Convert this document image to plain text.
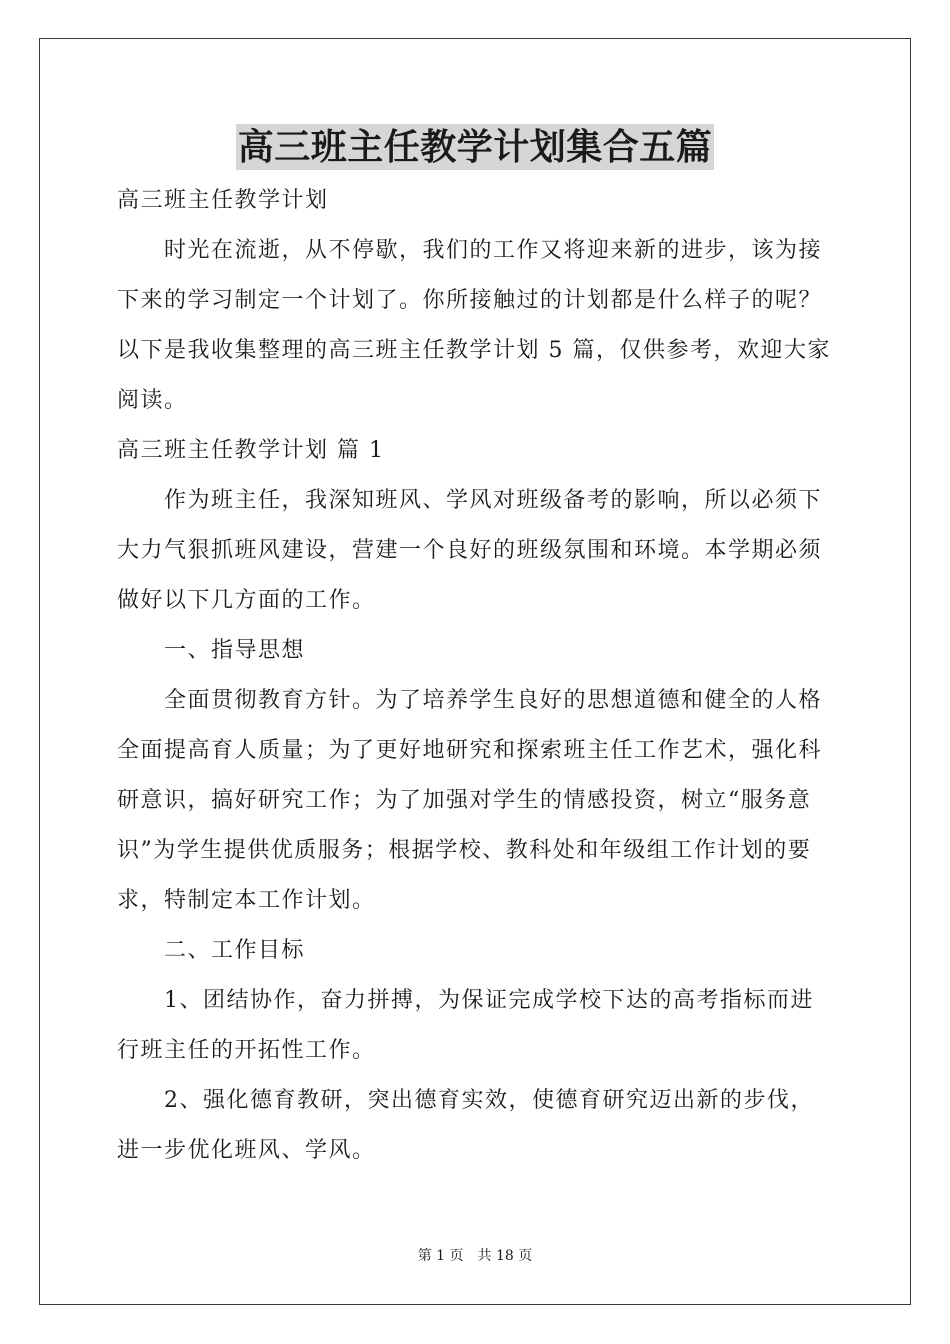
高三班主任教学计划集合五篇

高三班主任教学计划

时光在流逝，从不停歇，我们的工作又将迎来新的进步，该为接

下来的学习制定一个计划了。你所接触过的计划都是什么样子的呢？

以下是我收集整理的高三班主任教学计划 5 篇，仅供参考，欢迎大家

阅读。

高三班主任教学计划 篇 1

作为班主任，我深知班风、学风对班级备考的影响，所以必须下

大力气狠抓班风建设，营建一个良好的班级氛围和环境。本学期必须

做好以下几方面的工作。

一、指导思想

全面贯彻教育方针。为了培养学生良好的思想道德和健全的人格

全面提高育人质量；为了更好地研究和探索班主任工作艺术，强化科

研意识，搞好研究工作；为了加强对学生的情感投资，树立“服务意

识”为学生提供优质服务；根据学校、教科处和年级组工作计划的要

求，特制定本工作计划。

二、工作目标

1、团结协作，奋力拼搏，为保证完成学校下达的高考指标而进

行班主任的开拓性工作。

2、强化德育教研，突出德育实效，使德育研究迈出新的步伐，

进一步优化班风、学风。

第 1 页 共 18 页
